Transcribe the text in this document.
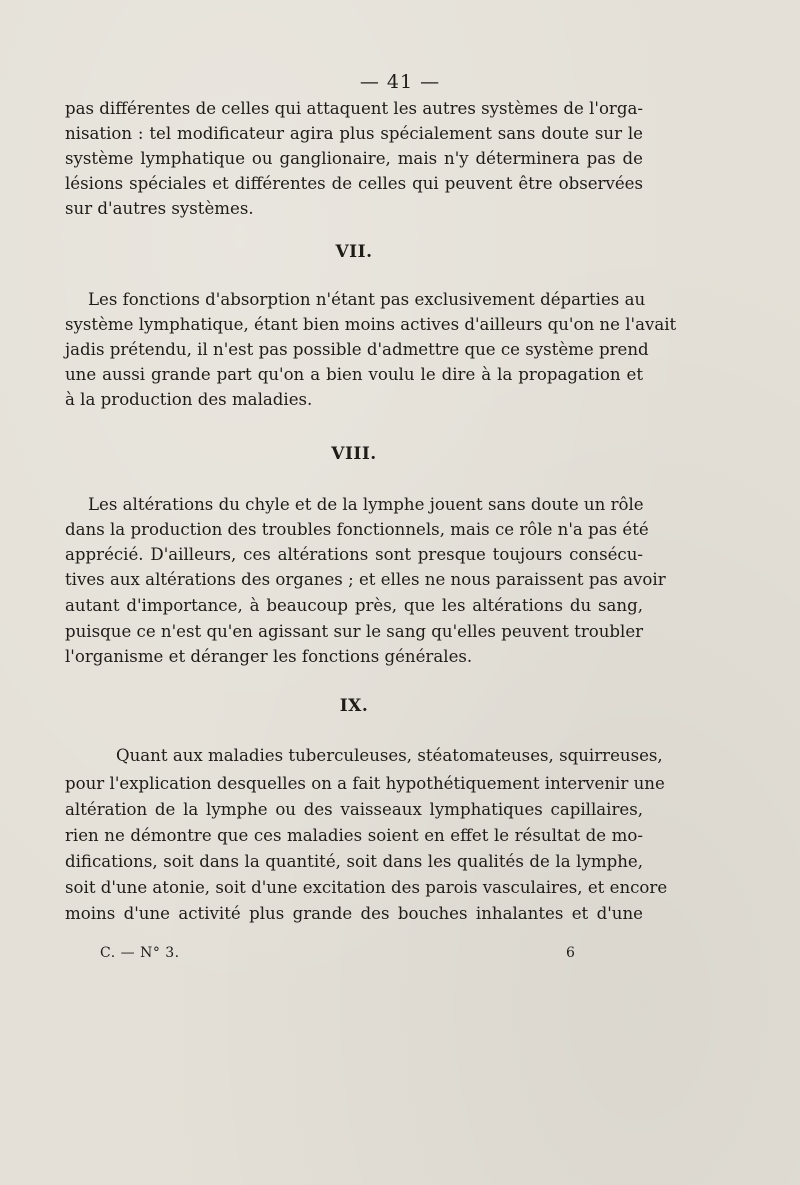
— 41 —
pas différentes de celles qui attaquent les autres systèmes de l'orga-
nisation : tel modificateur agira plus spécialement sans doute sur le
système lymphatique ou ganglionaire, mais n'y déterminera pas de
lésions spéciales et différentes de celles qui peuvent être observées
sur d'autres systèmes.
VII.
Les fonctions d'absorption n'étant pas exclusivement départies au
système lymphatique, étant bien moins actives d'ailleurs qu'on ne l'avait
jadis prétendu, il n'est pas possible d'admettre que ce système prend
une aussi grande part qu'on a bien voulu le dire à la propagation et
à la production des maladies.
VIII.
Les altérations du chyle et de la lymphe jouent sans doute un rôle
dans la production des troubles fonctionnels, mais ce rôle n'a pas été
apprécié. D'ailleurs, ces altérations sont presque toujours consécu-
tives aux altérations des organes ; et elles ne nous paraissent pas avoir
autant d'importance, à beaucoup près, que les altérations du sang,
puisque ce n'est qu'en agissant sur le sang qu'elles peuvent troubler
l'organisme et déranger les fonctions générales.
IX.
Quant aux maladies tuberculeuses, stéatomateuses, squirreuses,
pour l'explication desquelles on a fait hypothétiquement intervenir une
altération de la lymphe ou des vaisseaux lymphatiques capillaires,
rien ne démontre que ces maladies soient en effet le résultat de mo-
difications, soit dans la quantité, soit dans les qualités de la lymphe,
soit d'une atonie, soit d'une excitation des parois vasculaires, et encore
moins d'une activité plus grande des bouches inhalantes et d'une
C. — N° 3.	6
